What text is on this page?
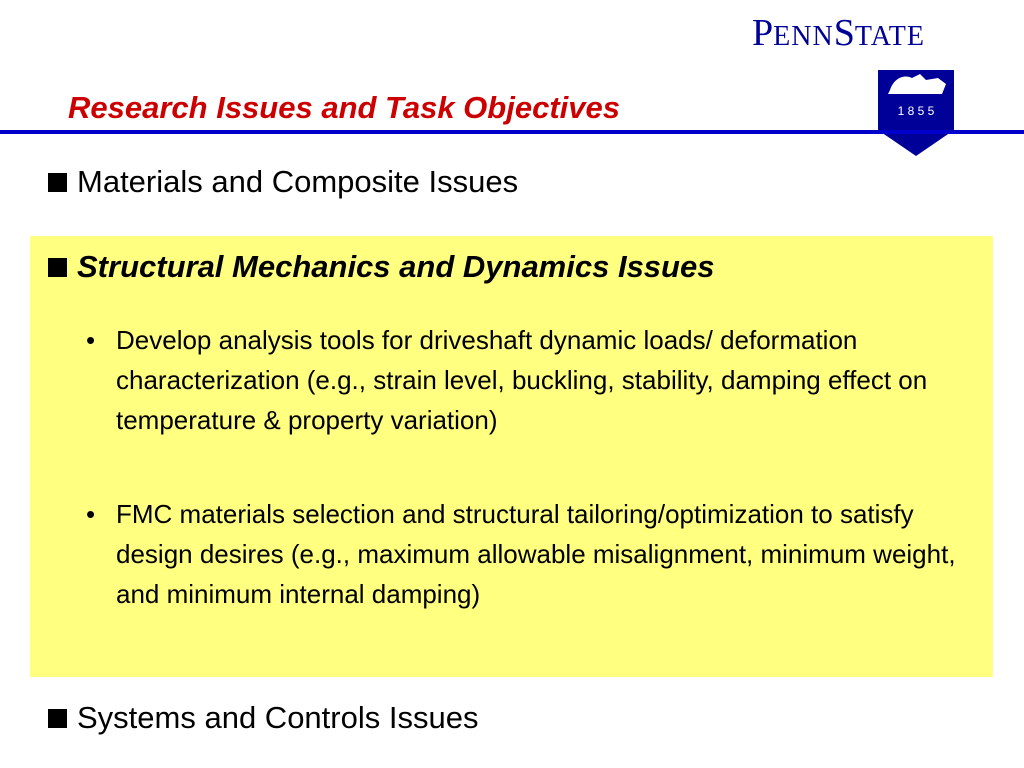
Research Issues and Task Objectives
PENNSTATE
1 8 5 5
Materials and Composite Issues
Structural Mechanics and Dynamics Issues
• Develop analysis tools for driveshaft dynamic loads/ deformation characterization (e.g., strain level, buckling, stability, damping effect on temperature & property variation)
• FMC materials selection and structural tailoring/optimization to satisfy design desires (e.g., maximum allowable misalignment, minimum weight, and minimum internal damping)
Systems and Controls Issues
